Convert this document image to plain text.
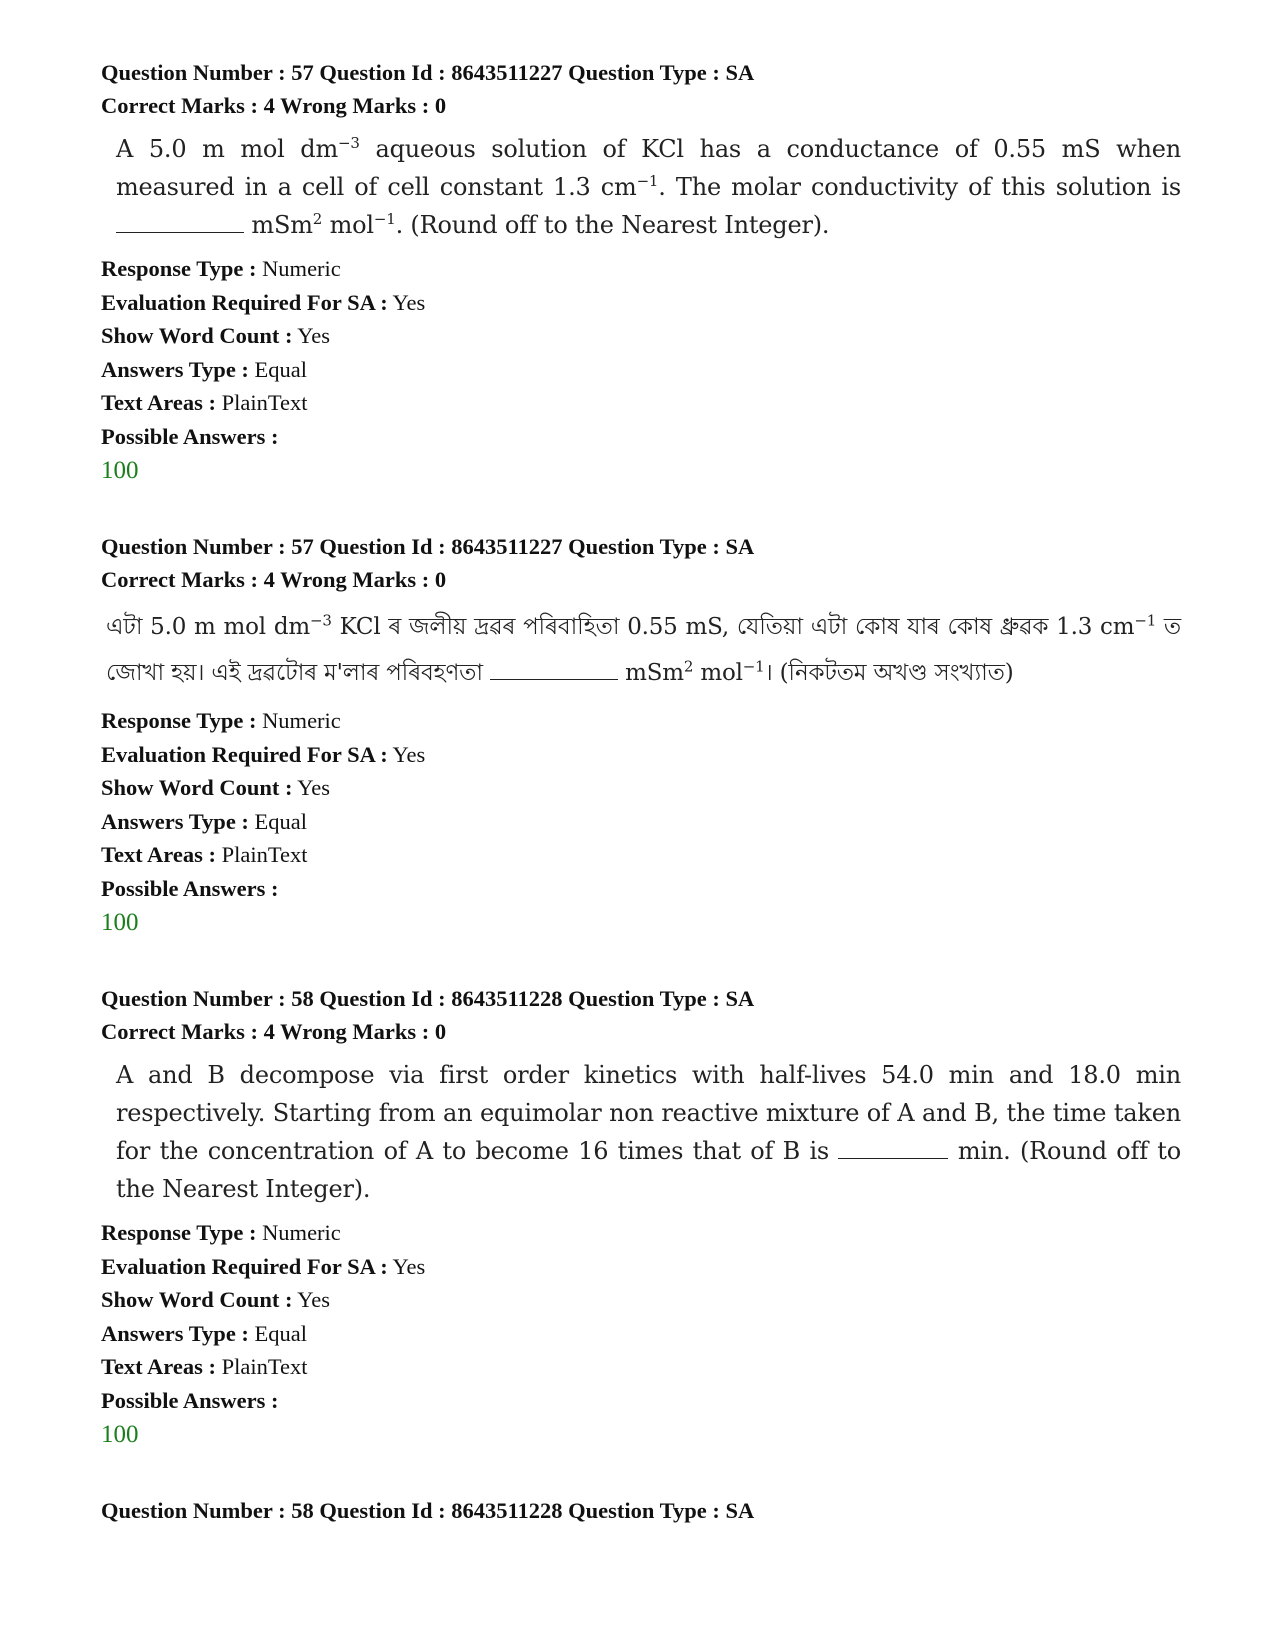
Question Number : 57 Question Id : 8643511227 Question Type : SA
Correct Marks : 4 Wrong Marks : 0
A 5.0 m mol $dm^{-3}$ aqueous solution of KCl has a conductance of 0.55 mS when measured in a cell of cell constant 1.3 $cm^{-1}$. The molar conductivity of this solution is  mSm$^2$ mol$^{-1}$. (Round off to the Nearest Integer).
Response Type : Numeric
Evaluation Required For SA : Yes
Show Word Count : Yes
Answers Type : Equal
Text Areas : PlainText
Possible Answers :
100
Question Number : 57 Question Id : 8643511227 Question Type : SA
Correct Marks : 4 Wrong Marks : 0
এটা 5.0 m mol $dm^{-3}$ KCl ৰ জলীয় দ্ৰৱৰ পৰিবাহিতা 0.55 mS, যেতিয়া এটা কোষ যাৰ কোষ ধ্ৰুৱক 1.3 $cm^{-1}$ ত জোখা হয়। এই দ্ৰৱটোৰ ম'লাৰ পৰিবহণতা	mSm$^2$ mol$^{-1}$। (নিকটতম অখণ্ড সংখ্যাত)
Response Type : Numeric
Evaluation Required For SA : Yes
Show Word Count : Yes
Answers Type : Equal
Text Areas : PlainText
Possible Answers :
100
Question Number : 58 Question Id : 8643511228 Question Type : SA
Correct Marks : 4 Wrong Marks : 0
A and B decompose via first order kinetics with half-lives 54.0 min and 18.0 min respectively. Starting from an equimolar non reactive mixture of A and B, the time taken for the concentration of A to become 16 times that of B is	min. (Round off to the Nearest Integer).
Response Type : Numeric
Evaluation Required For SA : Yes
Show Word Count : Yes
Answers Type : Equal
Text Areas : PlainText
Possible Answers :
100
Question Number : 58 Question Id : 8643511228 Question Type : SA
